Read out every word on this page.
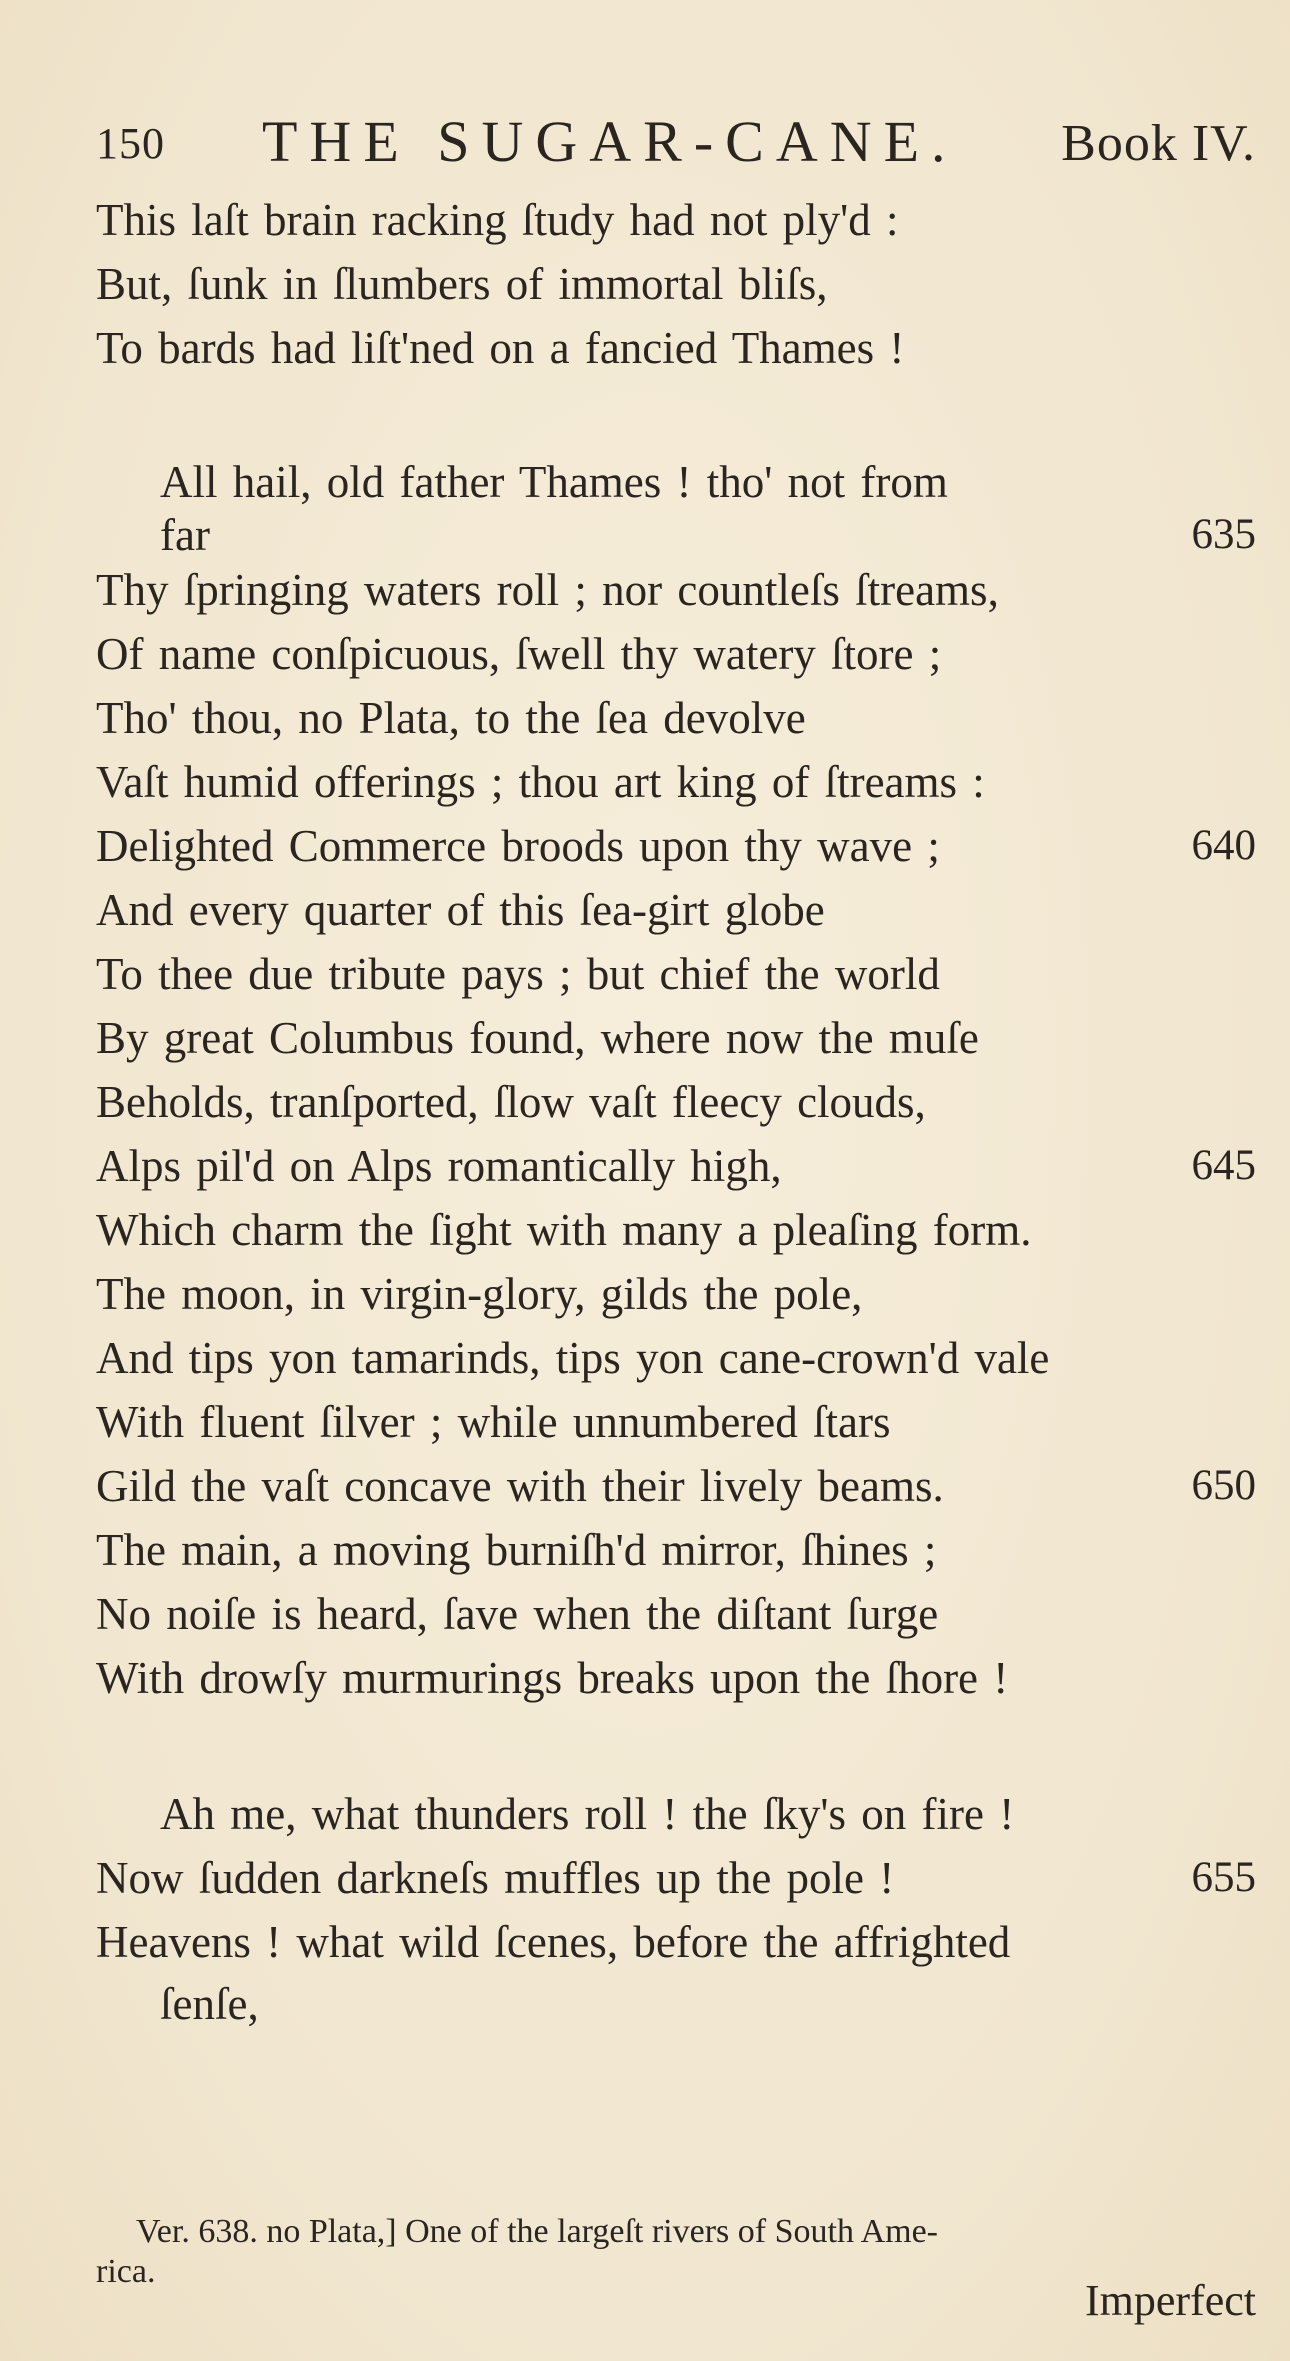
150 THE SUGAR-CANE. Book IV.
This laſt brain racking ſtudy had not ply'd :
But, ſunk in ſlumbers of immortal bliſs,
To bards had liſt'ned on a fancied Thames !
All hail, old father Thames ! tho' not from
far	635
Thy ſpringing waters roll ; nor countleſs ſtreams,
Of name conſpicuous, ſwell thy watery ſtore ;
Tho' thou, no Plata, to the ſea devolve
Vaſt humid offerings ; thou art king of ſtreams :
Delighted Commerce broods upon thy wave ;	640
And every quarter of this ſea-girt globe
To thee due tribute pays ; but chief the world
By great Columbus found, where now the muſe
Beholds, tranſported, ſlow vaſt fleecy clouds,
Alps pil'd on Alps romantically high,	645
Which charm the ſight with many a pleaſing form.
The moon, in virgin-glory, gilds the pole,
And tips yon tamarinds, tips yon cane-crown'd vale
With fluent ſilver ; while unnumbered ſtars
Gild the vaſt concave with their lively beams.	650
The main, a moving burniſh'd mirror, ſhines ;
No noiſe is heard, ſave when the diſtant ſurge
With drowſy murmurings breaks upon the ſhore !
Ah me, what thunders roll ! the ſky's on fire !
Now ſudden darkneſs muffles up the pole !	655
Heavens ! what wild ſcenes, before the affrighted
ſenſe,
Ver. 638. no Plata,] One of the largeſt rivers of South Ame-
rica.
Imperfect
